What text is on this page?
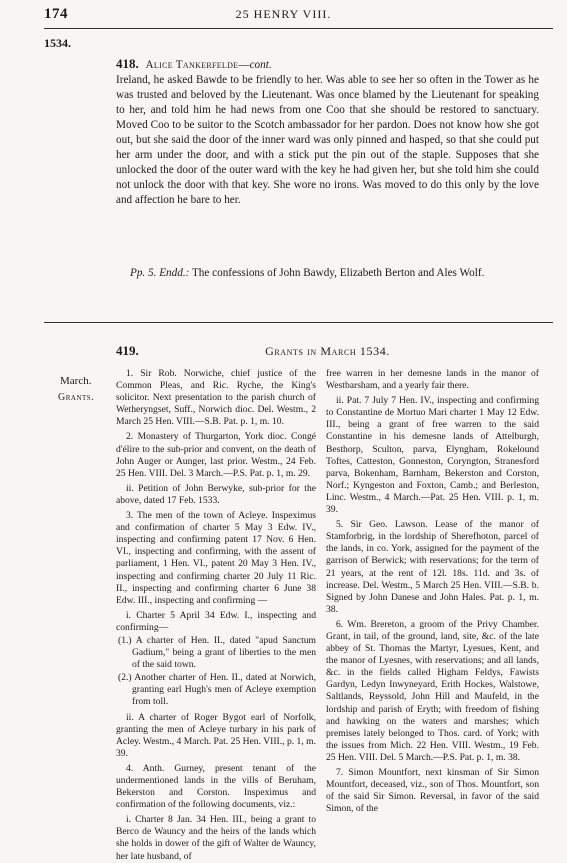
174	25 HENRY VIII.
1534.
418. Alice Tankerfelde—cont.
Ireland, he asked Bawde to be friendly to her. Was able to see her so often in the Tower as he was trusted and beloved by the Lieutenant. Was once blamed by the Lieutenant for speaking to her, and told him he had news from one Coo that she should be restored to sanctuary. Moved Coo to be suitor to the Scotch ambassador for her pardon. Does not know how she got out, but she said the door of the inner ward was only pinned and hasped, so that she could put her arm under the door, and with a stick put the pin out of the staple. Supposes that she unlocked the door of the outer ward with the key he had given her, but she told him she could not unlock the door with that key. She wore no irons. Was moved to do this only by the love and affection he bare to her.
Pp. 5. Endd.: The confessions of John Bawdy, Elizabeth Berton and Ales Wolf.
419.	Grants in March 1534.
March.
Grants.

1. Sir Rob. Norwiche, chief justice of the Common Pleas, and Ric. Ryche, the King's solicitor. Next presentation to the parish church of Wetheryngset, Suff., Norwich dioc. Del. Westm., 2 March 25 Hen. VIII.—S.B. Pat. p. 1, m. 10.

2. Monastery of Thurgarton, York dioc. Congé d'élire to the sub-prior and convent, on the death of John Auger or Aunger, last prior. Westm., 24 Feb. 25 Hen. VIII. Del. 3 March.—P.S. Pat. p. 1, m. 29.

ii. Petition of John Berwyke, sub-prior for the above, dated 17 Feb. 1533.

3. The men of the town of Acleye. Inspeximus and confirmation of charter 5 May 3 Edw. IV., inspecting and confirming patent 17 Nov. 6 Hen. VI., inspecting and confirming, with the assent of parliament, 1 Hen. VI., patent 20 May 3 Hen. IV., inspecting and confirming charter 20 July 11 Ric. II., inspecting and confirming charter 6 June 38 Edw. III., inspecting and confirming —

i. Charter 5 April 34 Edw. I., inspecting and confirming—

(1.) A charter of Hen. II., dated "apud Sanctum Gadium," being a grant of liberties to the men of the said town.

(2.) Another charter of Hen. II., dated at Norwich, granting earl Hugh's men of Acleye exemption from toll.

ii. A charter of Roger Bygot earl of Norfolk, granting the men of Acleye turbary in his park of Acley. Westm., 4 March. Pat. 25 Hen. VIII., p. 1, m. 39.

4. Anth. Gurney, present tenant of the undermentioned lands in the vills of Beruham, Bekerston and Corston. Inspeximus and confirmation of the following documents, viz.:

i. Charter 8 Jan. 34 Hen. III., being a grant to Berco de Wauncy and the heirs of the lands which she holds in dower of the gift of Walter de Wauncy, her late husband, of

free warren in her demesne lands in the manor of Westbarsham, and a yearly fair there.

ii. Pat. 7 July 7 Hen. IV., inspecting and confirming to Constantine de Mortuo Mari charter 1 May 12 Edw. III., being a grant of free warren to the said Constantine in his demesne lands of Attelburgh, Besthorp, Sculton, parva, Elyngham, Rokelound Toftes, Catteston, Gonneston, Coryngton, Stranesford parva, Bokenham, Barnham, Bekerston and Corston, Norf.; Kyngeston and Foxton, Camb.; and Berleston, Linc. Westm., 4 March.—Pat. 25 Hen. VIII. p. 1, m. 39.

5. Sir Geo. Lawson. Lease of the manor of Stamforbrig, in the lordship of Sherefhoton, parcel of the lands, in co. York, assigned for the payment of the garrison of Berwick; with reservations; for the term of 21 years, at the rent of 12l. 18s. 11d. and 3s. of increase. Del. Westm., 5 March 25 Hen. VIII.—S.B. b. Signed by John Danese and John Hales. Pat. p. 1, m. 38.

6. Wm. Brereton, a groom of the Privy Chamber. Grant, in tail, of the ground, land, site, &c. of the late abbey of St. Thomas the Martyr, Lyesues, Kent, and the manor of Lyesnes, with reservations; and all lands, &c. in the fields called Higham Feldys, Fawists Gardyn, Ledyn Inwyneyard, Erith Hockes, Walstowe, Saltlands, Reyssold, John Hill and Maufeld, in the lordship and parish of Eryth; with freedom of fishing and hawking on the waters and marshes; which premises lately belonged to Thos. card. of York; with the issues from Mich. 22 Hen. VIII. Westm., 19 Feb. 25 Hen. VIII. Del. 5 March.—P.S. Pat. p. 1, m. 38.

7. Simon Mountfort, next kinsman of Sir Simon Mountfort, deceased, viz., son of Thos. Mountfort, son of the said Sir Simon. Reversal, in favor of the said Simon, of the
